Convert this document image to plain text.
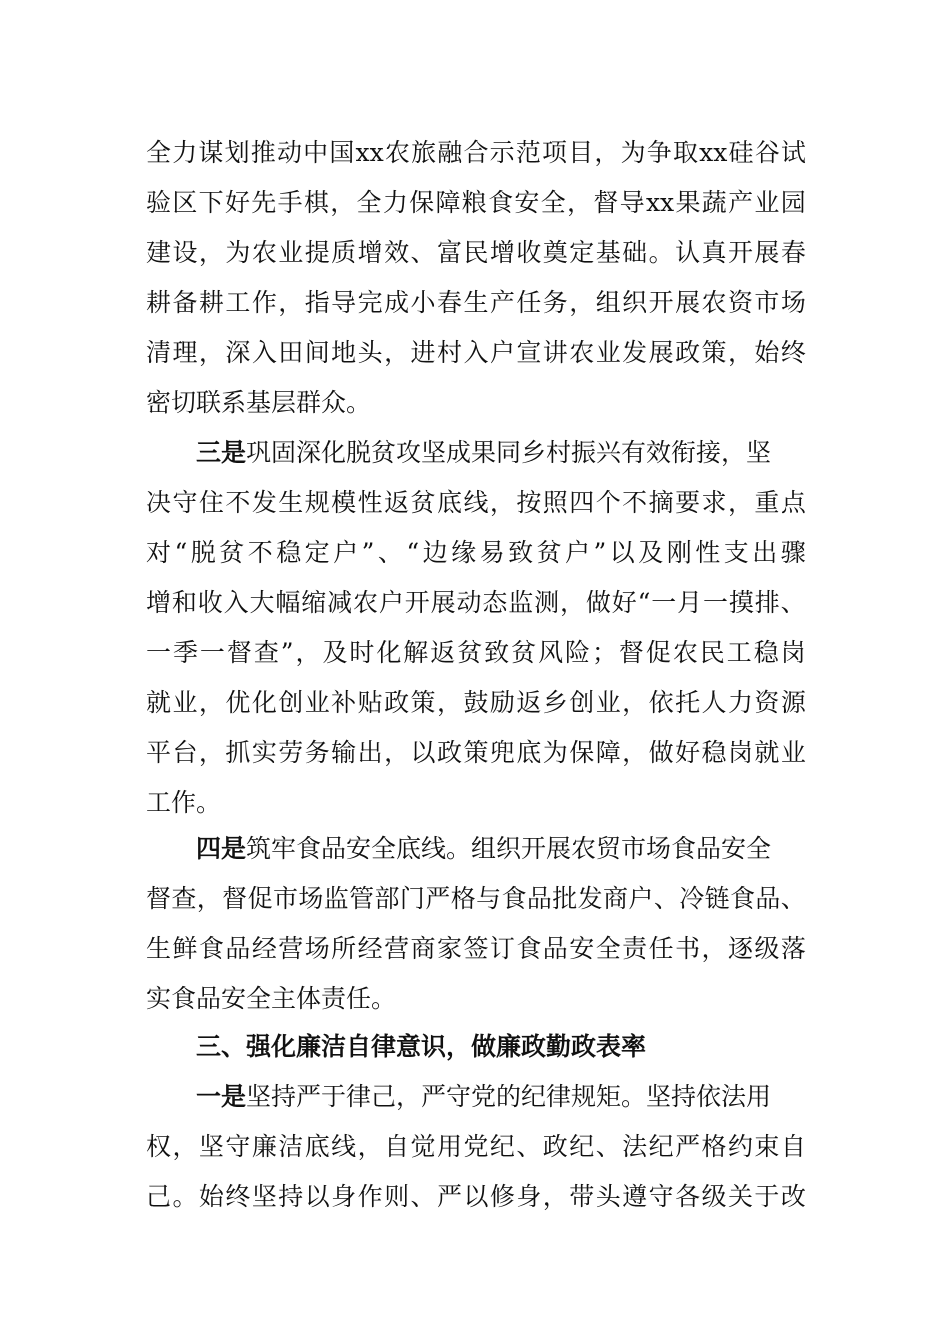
全 力 谋 划 推 动 中 国 xx 农 旅 融 合 示 范 项 目 ， 为 争 取 xx 硅 谷 试
验 区 下 好 先 手 棋 ， 全 力 保 障 粮 食 安 全 ， 督 导 xx 果 蔬 产 业 园
建 设 ， 为 农 业 提 质 增 效 、 富 民 增 收 奠 定 基 础 。 认 真 开 展 春
耕 备 耕 工 作 ， 指 导 完 成 小 春 生 产 任 务 ， 组 织 开 展 农 资 市 场
清 理 ， 深 入 田 间 地 头 ， 进 村 入 户 宣 讲 农 业 发 展 政 策 ， 始 终
密切联系基层群众。
三是 巩固深化脱贫攻坚成果同乡村振兴有效衔接，坚
决 守 住 不 发 生 规 模 性 返 贫 底 线 ， 按 照 四 个 不 摘 要 求 ， 重 点
对 “ 脱 贫 不 稳 定 户 ” 、 “ 边 缘 易 致 贫 户 ” 以 及 刚 性 支 出 骤
增 和 收 入 大 幅 缩 减 农 户 开 展 动 态 监 测 ， 做 好 “ 一 月 一 摸 排 、
一 季 一 督 查 ” ， 及 时 化 解 返 贫 致 贫 风 险 ； 督 促 农 民 工 稳 岗
就 业 ， 优 化 创 业 补 贴 政 策 ， 鼓 励 返 乡 创 业 ， 依 托 人 力 资 源
平 台 ， 抓 实 劳 务 输 出 ， 以 政 策 兜 底 为 保 障 ， 做 好 稳 岗 就 业
工作。
四是 筑牢食品安全底线。组织开展农贸市场食品安全
督 查 ， 督 促 市 场 监 管 部 门 严 格 与 食 品 批 发 商 户 、 冷 链 食 品 、
生 鲜 食 品 经 营 场 所 经 营 商 家 签 订 食 品 安 全 责 任 书 ， 逐 级 落
实食品安全主体责任。
三、强化廉洁自律意识，做廉政勤政表率
一是 坚持严于律己，严守党的纪律规矩。坚持依法用
权 ， 坚 守 廉 洁 底 线 ， 自 觉 用 党 纪 、 政 纪 、 法 纪 严 格 约 束 自
己 。 始 终 坚 持 以 身 作 则 、 严 以 修 身 ， 带 头 遵 守 各 级 关 于 改
